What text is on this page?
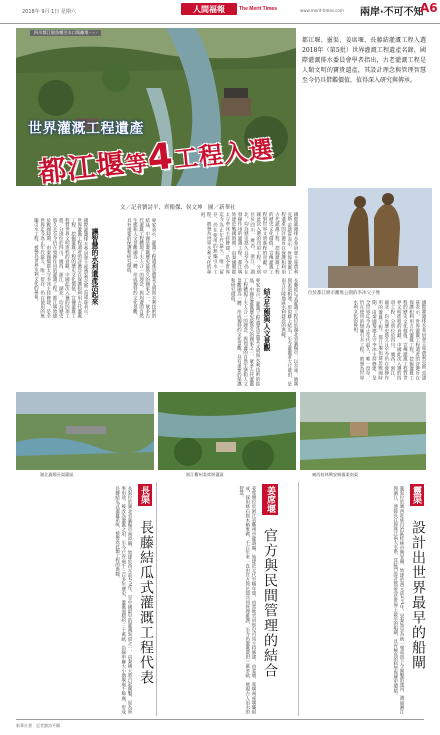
2018年 9月 1日 星期六	人間福報	The Merit Times	www.merit-times.com 兩岸‧不可不知
A6
四川都江堰魚嘴引水口與離堆⋯⋯
世界灌溉工程遺產
都江堰等4工程入選
文／記者劉詩平、齊衛傑、侯文坤　圖／新華社
都江堰、靈渠、姜席堰、長藤結灌溉工程入選2018年（第5批）世界灌溉工程遺產名錄，國際灌溉排水委員會學者指出，古老灌溉工程是人類文明的寶貴遺產，其設計理念與管理智慧至今仍具借鑑價值，值得深入研究與傳承。
位於都江堰市離堆公園的李冰父子像
國際灌溉排水委員會主席費利克斯‧雷諾茲表示，世界灌溉工程遺產的評選旨在保護和利用古代灌溉工程，挖掘灌溉工程的歷史文化價值，宣傳灌溉工程對世界文明進程的貢獻。中國此次入選的四項工程，分別位於四川、廣西、浙江、湖北，均為歷史悠久且至今仍在發揮作用的灌溉工程。都江堰始建於戰國時期，由秦國蜀郡太守李冰主持修建，是全世界迄今為止年代最久、唯一留存、仍在使用的無壩引水工程，被譽為世界水利文化的鼻祖。
國際灌溉排水委員會主席費利克斯‧雷諾茲表示，世界灌溉工程遺產的評選旨在保護和利用古代灌溉工程，挖掘灌溉工程的歷史文化價值，宣傳灌溉工程對世界文明進程的貢獻。中國此次入選的四項工程，分別位於四川、廣西、浙江、湖北，均為歷史悠久且至今仍在發揮作用的灌溉工程。都江堰始建於戰國時期，由秦國蜀郡太守李冰主持修建，是全世界迄今為止年代最久、唯一留存、仍在使用的無壩引水工程，被譽為世界水利文化的鼻祖。
讓智慧的水利遺產活起來
國際灌溉排水委員會主席費利克斯‧雷諾茲表示，世界灌溉工程遺產的評選旨在保護和利用古代灌溉工程，挖掘灌溉工程的歷史文化價值，宣傳灌溉工程對世界文明進程的貢獻。中國此次入選的四項工程，分別位於四川、廣西、浙江、湖北，均為歷史悠久且至今仍在發揮作用的灌溉工程。都江堰始建於戰國時期，由秦國蜀郡太守李冰主持修建，是全世界迄今為止年代最久、唯一留存、仍在使用的無壩引水工程，被譽為世界水利文化的鼻祖。	專家表示，灌溉工程遺產是農業文明與水利技術的結晶，中國是灌溉歷史最悠久的國家之一，眾多古代灌溉工程體現了天人合一的理念，與周邊的自然生態和人文景觀融為一體，形成獨特的文化景觀，具有重要的保護和研究價值。
專家表示，灌溉工程遺產是農業文明與水利技術的結晶，中國是灌溉歷史最悠久的國家之一，眾多古代灌溉工程體現了天人合一的理念，與周邊的自然生態和人文景觀融為一體，形成獨特的文化景觀，具有重要的保護和研究價值。	結合生態與人文景觀	長藤結瓜式灌溉工程位於湖北省襄陽市，以水庫、塘堰與渠道相連，形似藤上結瓜，至今灌溉著大片農田，是南方丘陵地區水利建設的典範。
湖北襄陽長渠灌區	浙江衢州姜席堰灌區	廣西桂林興安縣靈渠南渠
長渠
長藤結瓜式灌溉工程代表
長渠位於湖北省襄陽市南漳縣，始建於西元前279年，是中國最早的灌溉渠道之一，由秦國大將白起開鑿，原為軍事用途，後改為灌溉之用，至今已有兩千三百多年歷史，灌溉面積約三十萬畝，沿線串聯大小塘堰兩千餘處，形成長藤結瓜式灌溉系統，被譽為此類工程的典範。	姜席堰
官方與民間管理的結合
姜席堰位於浙江省衢州市龍游縣，始建於元代至順年間，由當地官員察兒可馬主持修建，由姜堰、席堰兩座堰壩組成，採用條石與木樁堆砌，千百年來一直由官方與民間共同管理維護，至今仍灌溉農田三萬多畝，展現古人治水的智慧。	靈渠
設計出世界最早的船閘
靈渠位於廣西壯族自治區桂林市興安縣，始建於西元前214年，是秦始皇為統一嶺南而下令開鑿的運河，溝通湘江與漓江，連接長江與珠江兩大水系，其陡門設計被認為是世界上最早的船閘，具有極高的科學與歷史價值。
新華社發　記者劉詩平攝
